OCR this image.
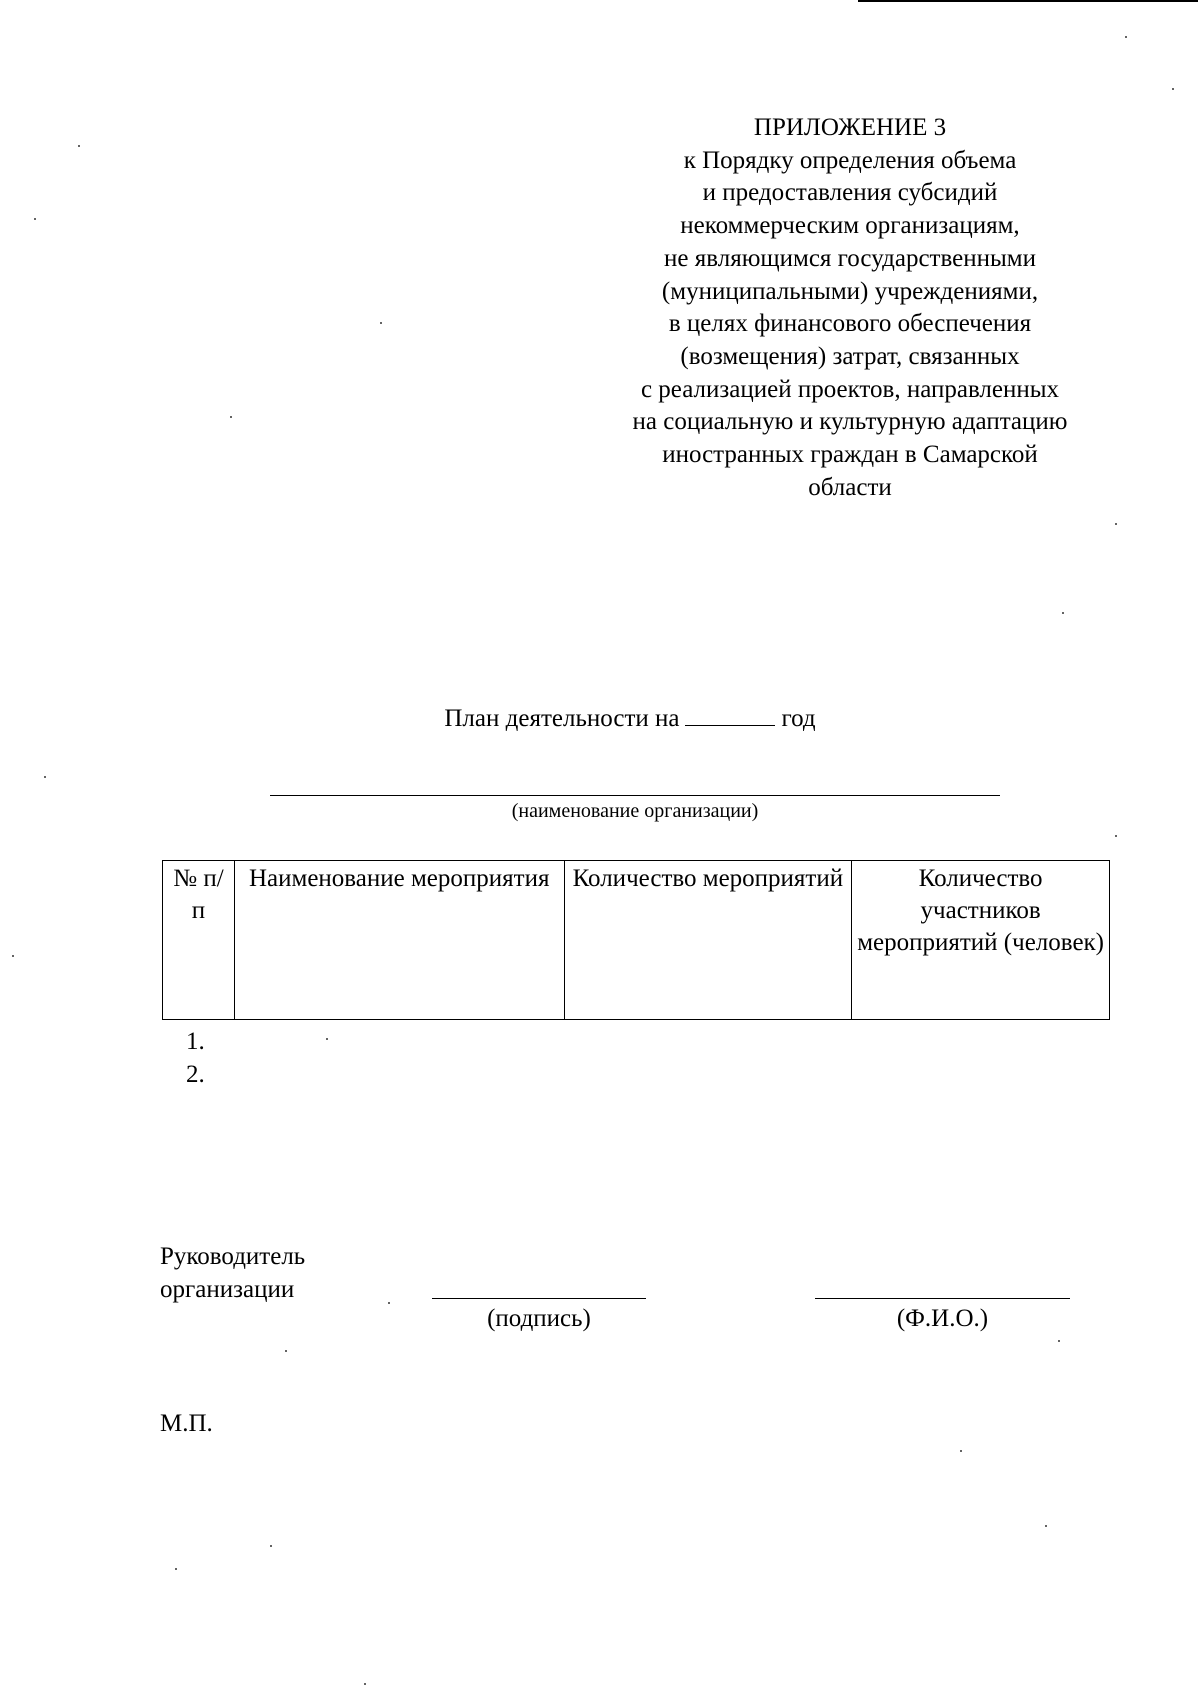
ПРИЛОЖЕНИЕ 3
к Порядку определения объема
и предоставления субсидий
некоммерческим организациям,
не являющимся государственными
(муниципальными) учреждениями,
в целях финансового обеспечения
(возмещения) затрат, связанных
с реализацией проектов, направленных
на социальную и культурную адаптацию
иностранных граждан в Самарской
области
План деятельности на	год
(наименование организации)
№ п/п	Наименование мероприятия	Количество мероприятий	Количество участников мероприятий (человек)
1.
2.
Руководитель
организации
(подпись)	(Ф.И.О.)
М.П.
